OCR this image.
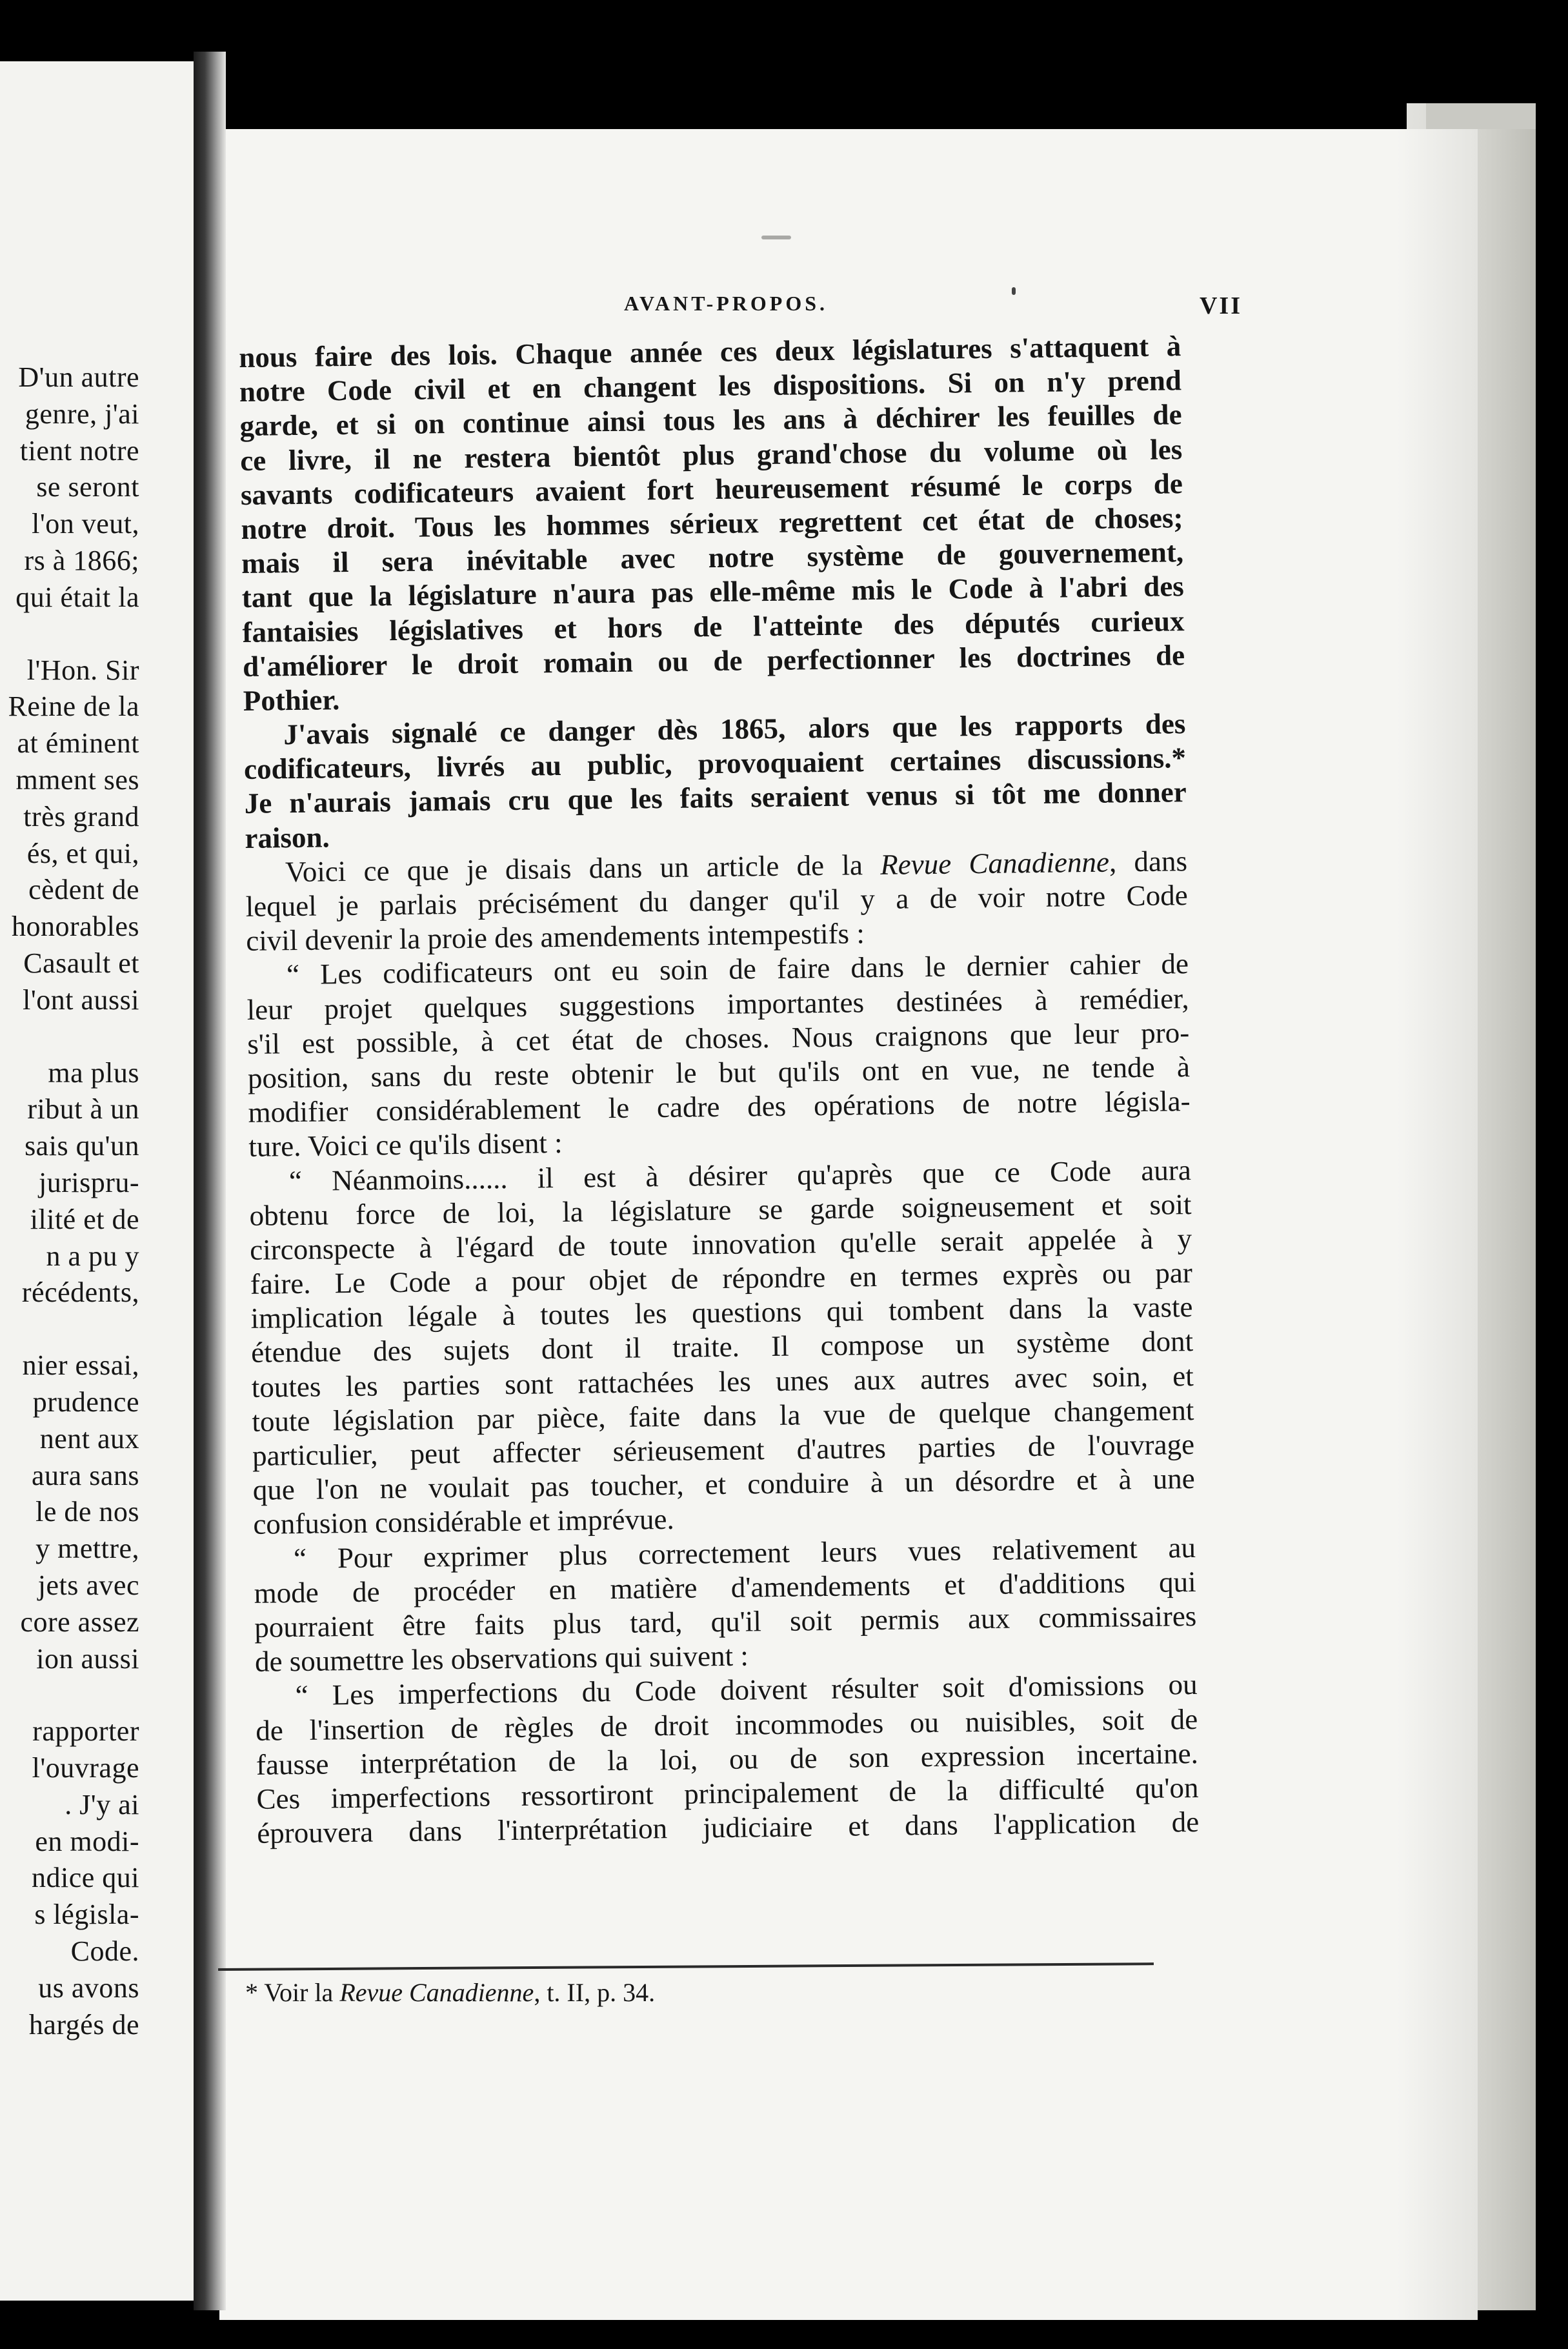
D'un autre
genre, j'ai
tient notre
se seront
l'on veut,
rs à 1866;
qui était la
l'Hon. Sir
Reine de la
at éminent
mment ses
très grand
és, et qui,
cèdent de
honorables
Casault et
l'ont aussi
ma plus
ribut à un
sais qu'un
jurispru-
ilité et de
n a pu y
récédents,
nier essai,
prudence
nent aux
aura sans
le de nos
y mettre,
jets avec
core assez
ion aussi
rapporter
l'ouvrage
. J'y ai
en modi-
ndice qui
s législa-
Code.
us avons
hargés de
AVANT-PROPOS.	VII
nous faire des lois. Chaque année ces deux législatures s'attaquent à
notre Code civil et en changent les dispositions. Si on n'y prend
garde, et si on continue ainsi tous les ans à déchirer les feuilles de
ce livre, il ne restera bientôt plus grand'chose du volume où les
savants codificateurs avaient fort heureusement résumé le corps de
notre droit. Tous les hommes sérieux regrettent cet état de choses;
mais il sera inévitable avec notre système de gouvernement,
tant que la législature n'aura pas elle-même mis le Code à l'abri des
fantaisies législatives et hors de l'atteinte des députés curieux
d'améliorer le droit romain ou de perfectionner les doctrines de
Pothier.
J'avais signalé ce danger dès 1865, alors que les rapports des
codificateurs, livrés au public, provoquaient certaines discussions.*
Je n'aurais jamais cru que les faits seraient venus si tôt me donner
raison.
Voici ce que je disais dans un article de la Revue Canadienne, dans
lequel je parlais précisément du danger qu'il y a de voir notre Code
civil devenir la proie des amendements intempestifs :
“ Les codificateurs ont eu soin de faire dans le dernier cahier de
leur projet quelques suggestions importantes destinées à remédier,
s'il est possible, à cet état de choses. Nous craignons que leur pro-
position, sans du reste obtenir le but qu'ils ont en vue, ne tende à
modifier considérablement le cadre des opérations de notre législa-
ture. Voici ce qu'ils disent :
“ Néanmoins...... il est à désirer qu'après que ce Code aura
obtenu force de loi, la législature se garde soigneusement et soit
circonspecte à l'égard de toute innovation qu'elle serait appelée à y
faire. Le Code a pour objet de répondre en termes exprès ou par
implication légale à toutes les questions qui tombent dans la vaste
étendue des sujets dont il traite. Il compose un système dont
toutes les parties sont rattachées les unes aux autres avec soin, et
toute législation par pièce, faite dans la vue de quelque changement
particulier, peut affecter sérieusement d'autres parties de l'ouvrage
que l'on ne voulait pas toucher, et conduire à un désordre et à une
confusion considérable et imprévue.
“ Pour exprimer plus correctement leurs vues relativement au
mode de procéder en matière d'amendements et d'additions qui
pourraient être faits plus tard, qu'il soit permis aux commissaires
de soumettre les observations qui suivent :
“ Les imperfections du Code doivent résulter soit d'omissions ou
de l'insertion de règles de droit incommodes ou nuisibles, soit de
fausse interprétation de la loi, ou de son expression incertaine.
Ces imperfections ressortiront principalement de la difficulté qu'on
éprouvera dans l'interprétation judiciaire et dans l'application de
* Voir la Revue Canadienne, t. II, p. 34.
